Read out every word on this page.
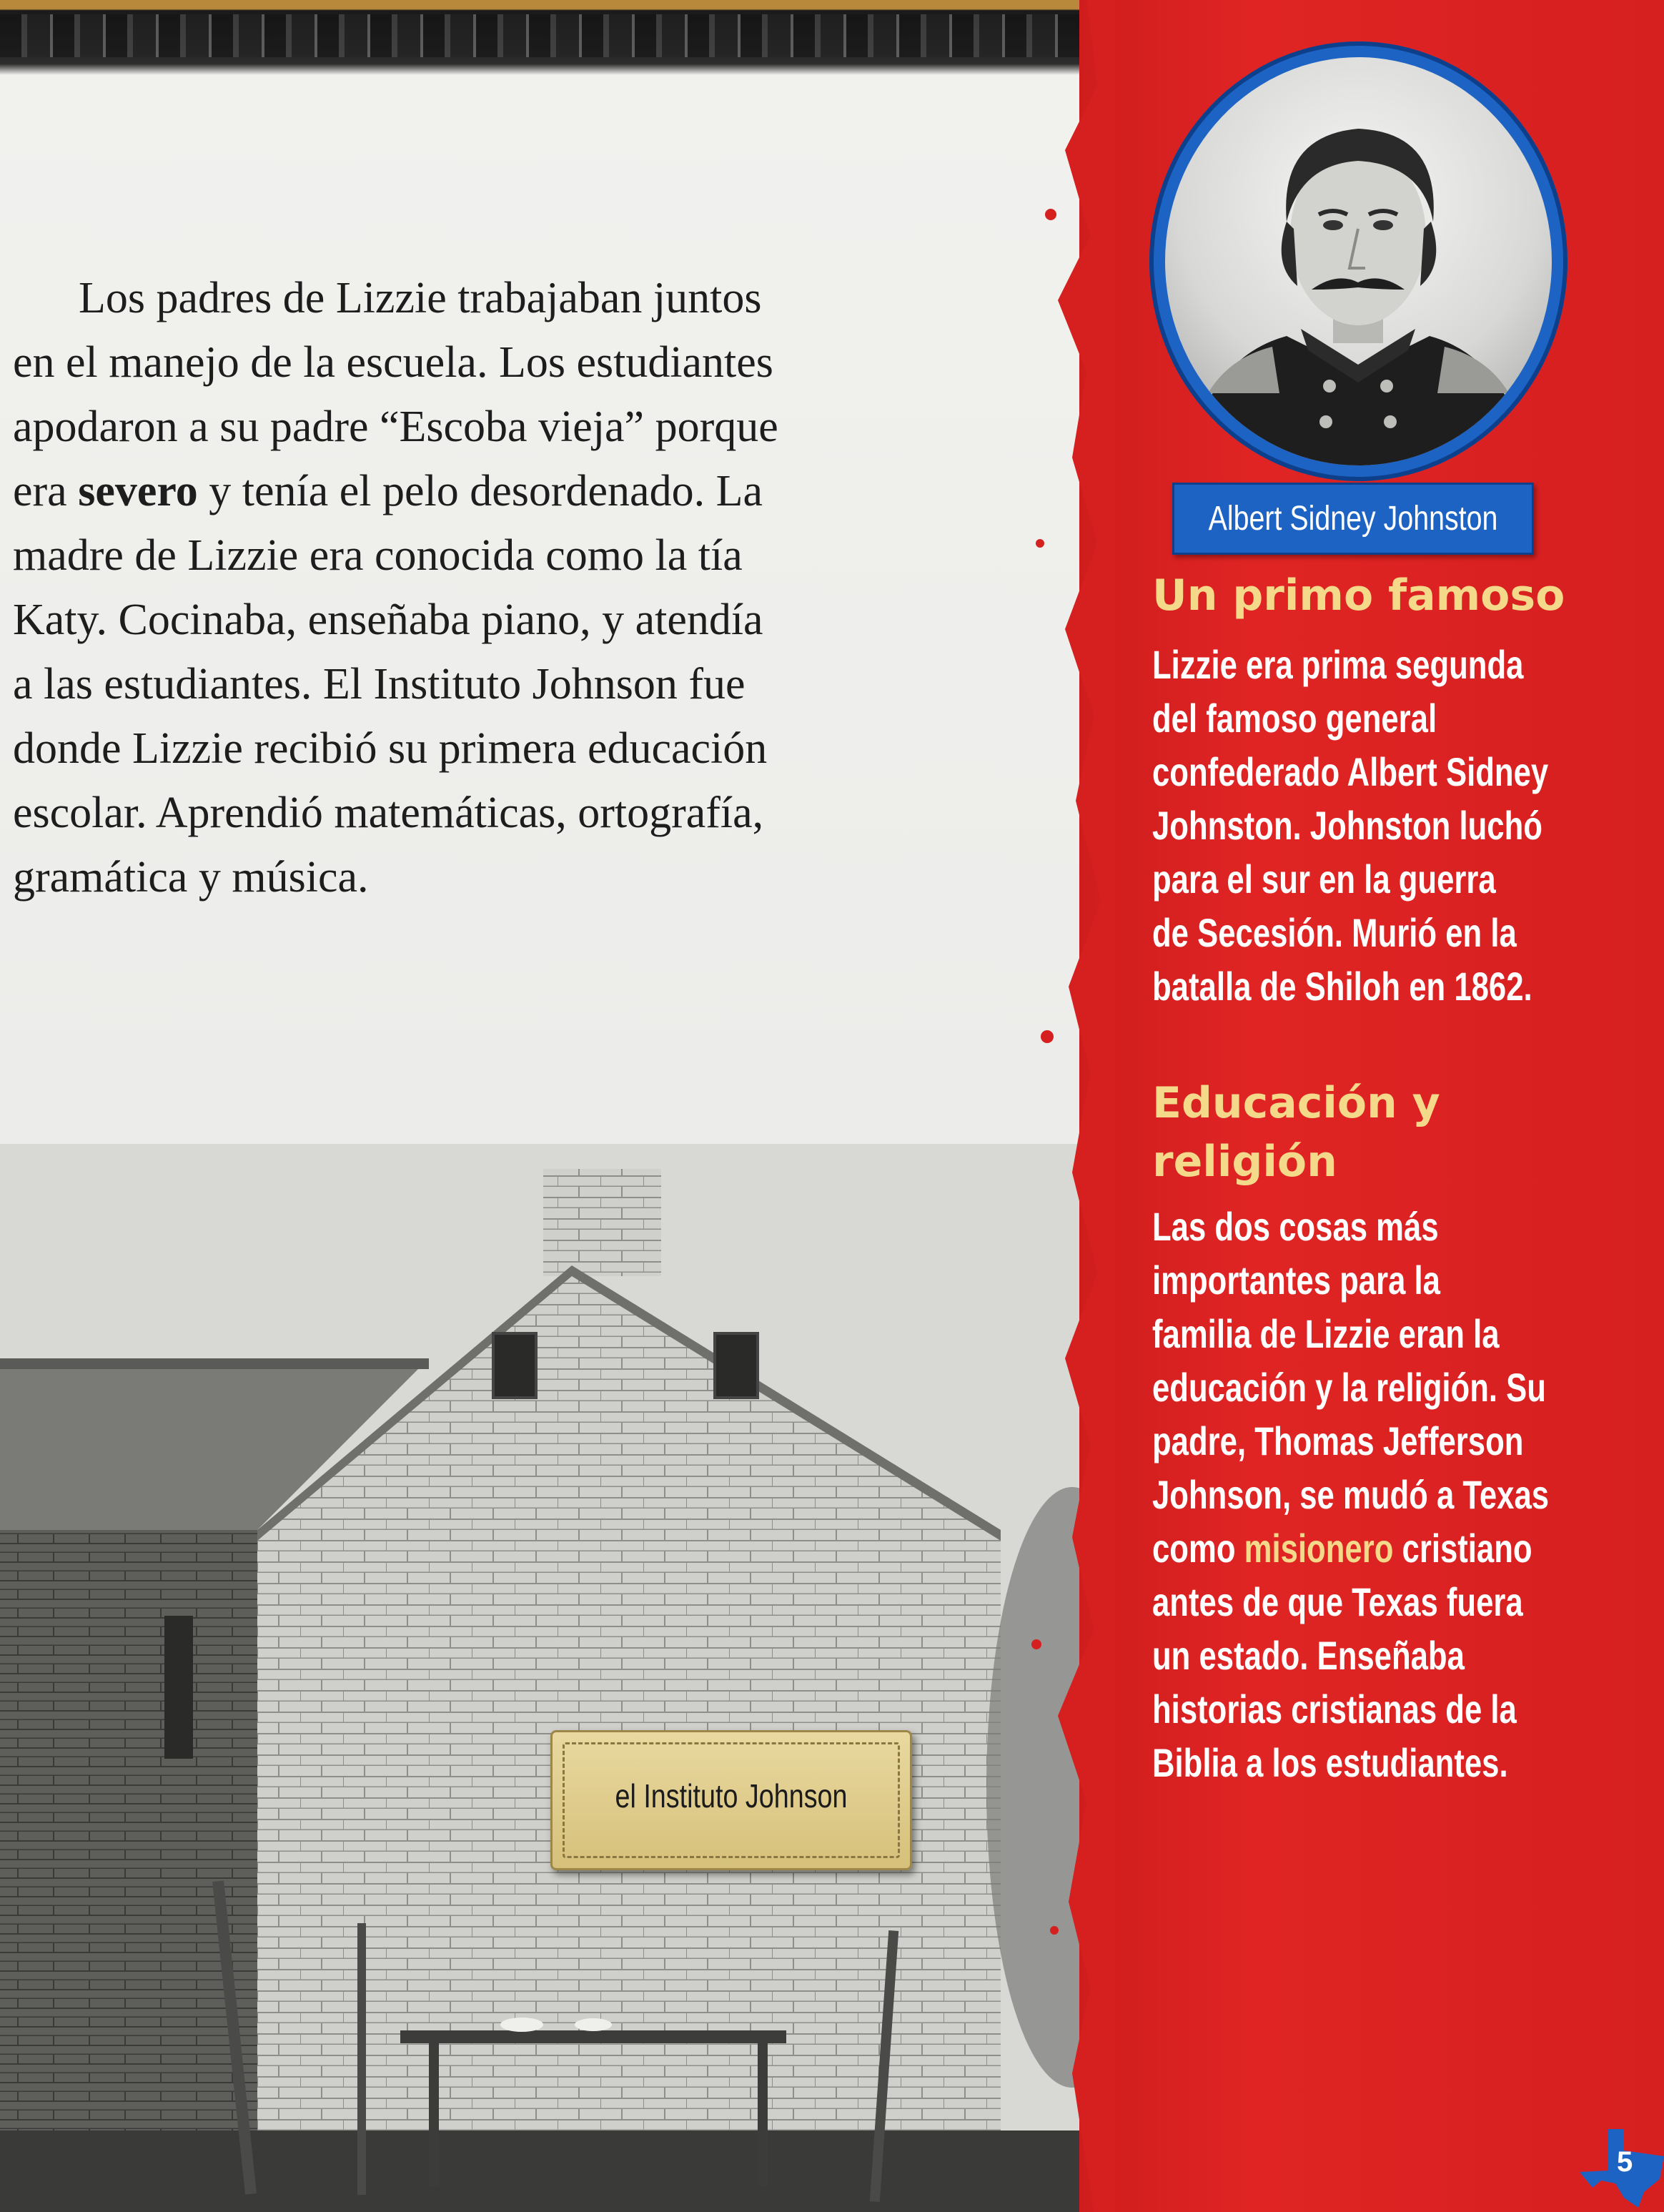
Los padres de Lizzie trabajaban juntos
en el manejo de la escuela. Los estudiantes
apodaron a su padre “Escoba vieja” porque
era severo y tenía el pelo desordenado. La
madre de Lizzie era conocida como la tía
Katy. Cocinaba, enseñaba piano, y atendía
a las estudiantes. El Instituto Johnson fue
donde Lizzie recibió su primera educación
escolar. Aprendió matemáticas, ortografía,
gramática y música.

el Instituto Johnson
Albert Sidney Johnston
Un primo famoso

Lizzie era prima segunda
del famoso general
confederado Albert Sidney
Johnston. Johnston luchó
para el sur en la guerra
de Secesión. Murió en la
batalla de Shiloh en 1862.

Educación y
religión

Las dos cosas más
importantes para la
familia de Lizzie eran la
educación y la religión. Su
padre, Thomas Jefferson
Johnson, se mudó a Texas
como misionero cristiano
antes de que Texas fuera
un estado. Enseñaba
historias cristianas de la
Biblia a los estudiantes.

5
